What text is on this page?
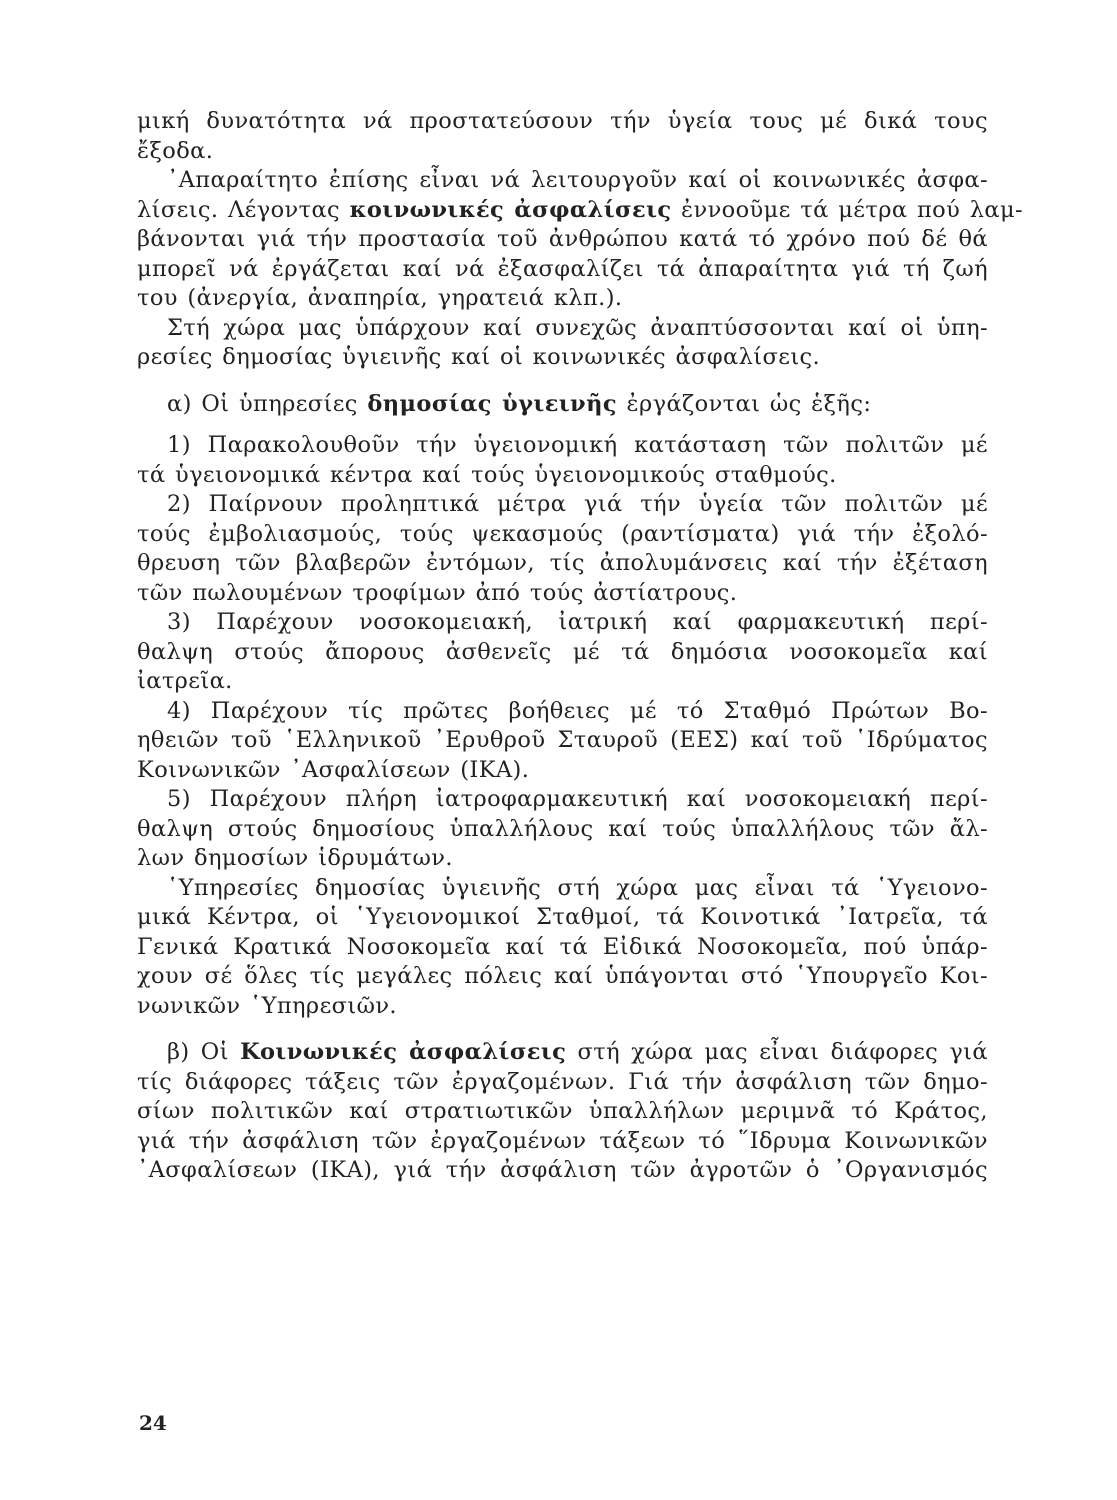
μική δυνατότητα νά προστατεύσουν τήν ὑγεία τους μέ δικά τους
ἔξοδα.
᾿Απαραίτητο ἐπίσης εἶναι νά λειτουργοῦν καί οἱ κοινωνικές ἀσφα-
λίσεις. Λέγοντας κοινωνικές ἀσφαλίσεις ἐννοοῦμε τά μέτρα πού λαμ-
βάνονται γιά τήν προστασία τοῦ ἀνθρώπου κατά τό χρόνο πού δέ θά
μπορεῖ νά ἐργάζεται καί νά ἐξασφαλίζει τά ἀπαραίτητα γιά τή ζωή
του (ἀνεργία, ἀναπηρία, γηρατειά κλπ.).
Στή χώρα μας ὑπάρχουν καί συνεχῶς ἀναπτύσσονται καί οἱ ὑπη-
ρεσίες δημοσίας ὑγιεινῆς καί οἱ κοινωνικές ἀσφαλίσεις.
α) Οἱ ὑπηρεσίες δημοσίας ὑγιεινῆς ἐργάζονται ὡς ἑξῆς:
1) Παρακολουθοῦν τήν ὑγειονομική κατάσταση τῶν πολιτῶν μέ
τά ὑγειονομικά κέντρα καί τούς ὑγειονομικούς σταθμούς.
2) Παίρνουν προληπτικά μέτρα γιά τήν ὑγεία τῶν πολιτῶν μέ
τούς ἐμβολιασμούς, τούς ψεκασμούς (ραντίσματα) γιά τήν ἐξολό-
θρευση τῶν βλαβερῶν ἐντόμων, τίς ἀπολυμάνσεις καί τήν ἐξέταση
τῶν πωλουμένων τροφίμων ἀπό τούς ἀστίατρους.
3) Παρέχουν νοσοκομειακή, ἰατρική καί φαρμακευτική περί-
θαλψη στούς ἄπορους ἀσθενεῖς μέ τά δημόσια νοσοκομεῖα καί
ἰατρεῖα.
4) Παρέχουν τίς πρῶτες βοήθειες μέ τό Σταθμό Πρώτων Βο-
ηθειῶν τοῦ ῾Ελληνικοῦ ᾿Ερυθροῦ Σταυροῦ (ΕΕΣ) καί τοῦ ῾Ιδρύματος
Κοινωνικῶν ᾿Ασφαλίσεων (ΙΚΑ).
5) Παρέχουν πλήρη ἰατροφαρμακευτική καί νοσοκομειακή περί-
θαλψη στούς δημοσίους ὑπαλλήλους καί τούς ὑπαλλήλους τῶν ἄλ-
λων δημοσίων ἱδρυμάτων.
῾Υπηρεσίες δημοσίας ὑγιεινῆς στή χώρα μας εἶναι τά ῾Υγειονο-
μικά Κέντρα, οἱ ῾Υγειονομικοί Σταθμοί, τά Κοινοτικά ᾿Ιατρεῖα, τά
Γενικά Κρατικά Νοσοκομεῖα καί τά Εἰδικά Νοσοκομεῖα, πού ὑπάρ-
χουν σέ ὅλες τίς μεγάλες πόλεις καί ὑπάγονται στό ῾Υπουργεῖο Κοι-
νωνικῶν ῾Υπηρεσιῶν.
β) Οἱ Κοινωνικές ἀσφαλίσεις στή χώρα μας εἶναι διάφορες γιά
τίς διάφορες τάξεις τῶν ἐργαζομένων. Γιά τήν ἀσφάλιση τῶν δημο-
σίων πολιτικῶν καί στρατιωτικῶν ὑπαλλήλων μεριμνᾶ τό Κράτος,
γιά τήν ἀσφάλιση τῶν ἐργαζομένων τάξεων τό ῞Ιδρυμα Κοινωνικῶν
᾿Ασφαλίσεων (ΙΚΑ), γιά τήν ἀσφάλιση τῶν ἀγροτῶν ὁ ᾿Οργανισμός
24
